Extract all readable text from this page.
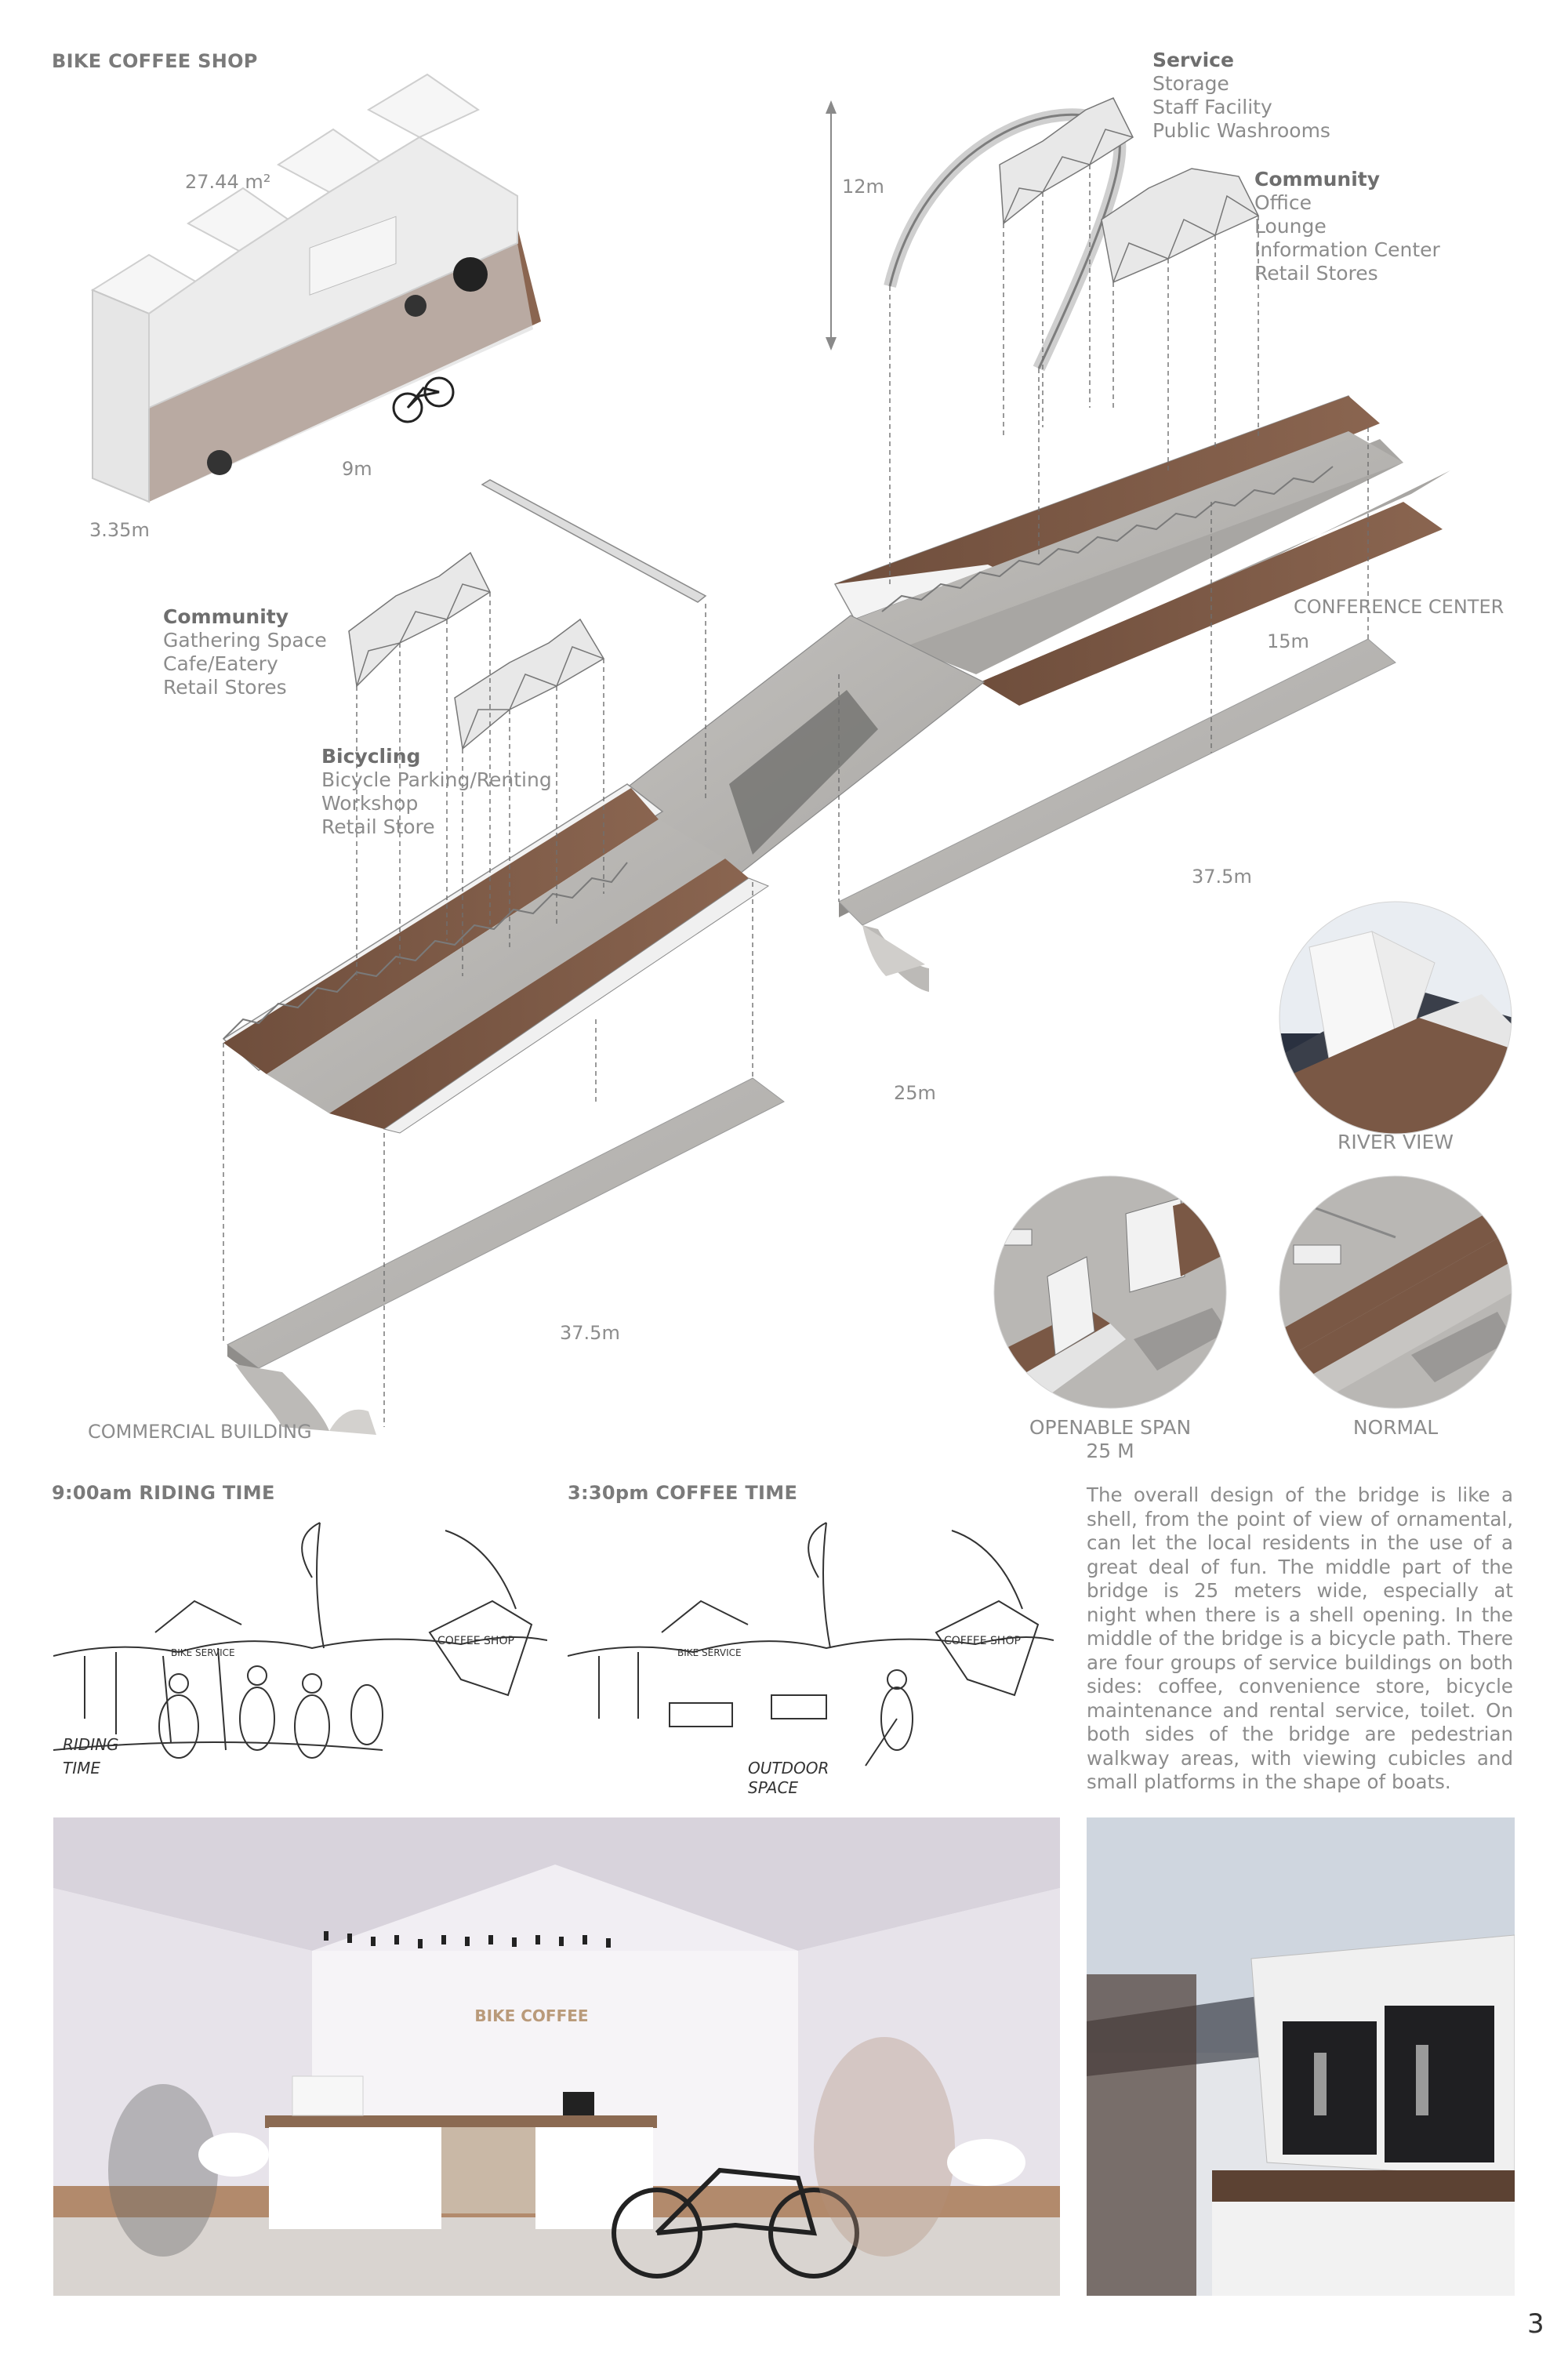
BIKE COFFEE SHOP
27.44 m²
9m
3.35m
12m
Service
Storage
Staff Facility
Public Washrooms
Community
Office
Lounge
Information Center
Retail Stores
Community
Gathering Space
Cafe/Eatery
Retail Stores
Bicycling
Bicycle Parking/Renting
Workshop
Retail Store
CONFERENCE CENTER
15m
37.5m
25m
37.5m
COMMERCIAL BUILDING
RIVER VIEW
OPENABLE SPAN
25 M
NORMAL
9:00am RIDING TIME	3:30pm COFFEE TIME
RIDING
TIME
COFFEE SHOP
BIKE SERVICE
OUTDOOR
SPACE
COFFEE SHOP
BIKE SERVICE
The overall design of the bridge is like a shell, from the point of view of ornamental, can let the local residents in the use of a great deal of fun. The middle part of the bridge is 25 meters wide, especially at night when there is a shell opening. In the middle of the bridge is a bicycle path. There are four groups of service buildings on both sides: coffee, convenience store, bicycle maintenance and rental service, toilet. On both sides of the bridge are pedestrian walkway areas, with viewing cubicles and small platforms in the shape of boats.
BIKE COFFEE
3
